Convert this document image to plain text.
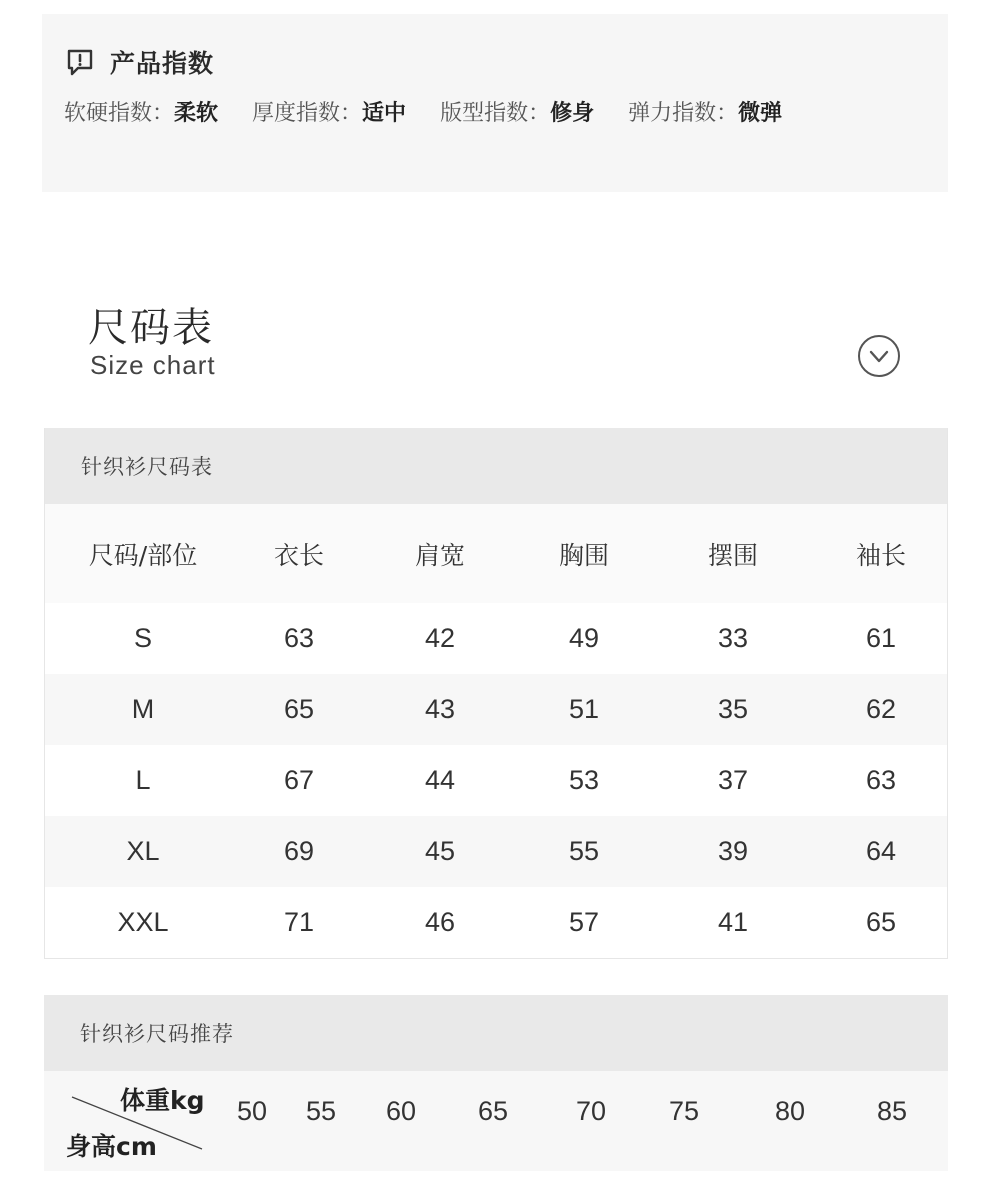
产品指数
软硬指数：柔软 厚度指数：适中 版型指数：修身 弹力指数：微弹
尺码表
Size chart
针织衫尺码表
尺码/部位	衣长	肩宽	胸围	摆围	袖长
S	63	42	49	33	61
M	65	43	51	35	62
L	67	44	53	37	63
XL	69	45	55	39	64
XXL	71	46	57	41	65
针织衫尺码推荐
体重kg
身高cm
50 55 60 65	70 75	80	85
